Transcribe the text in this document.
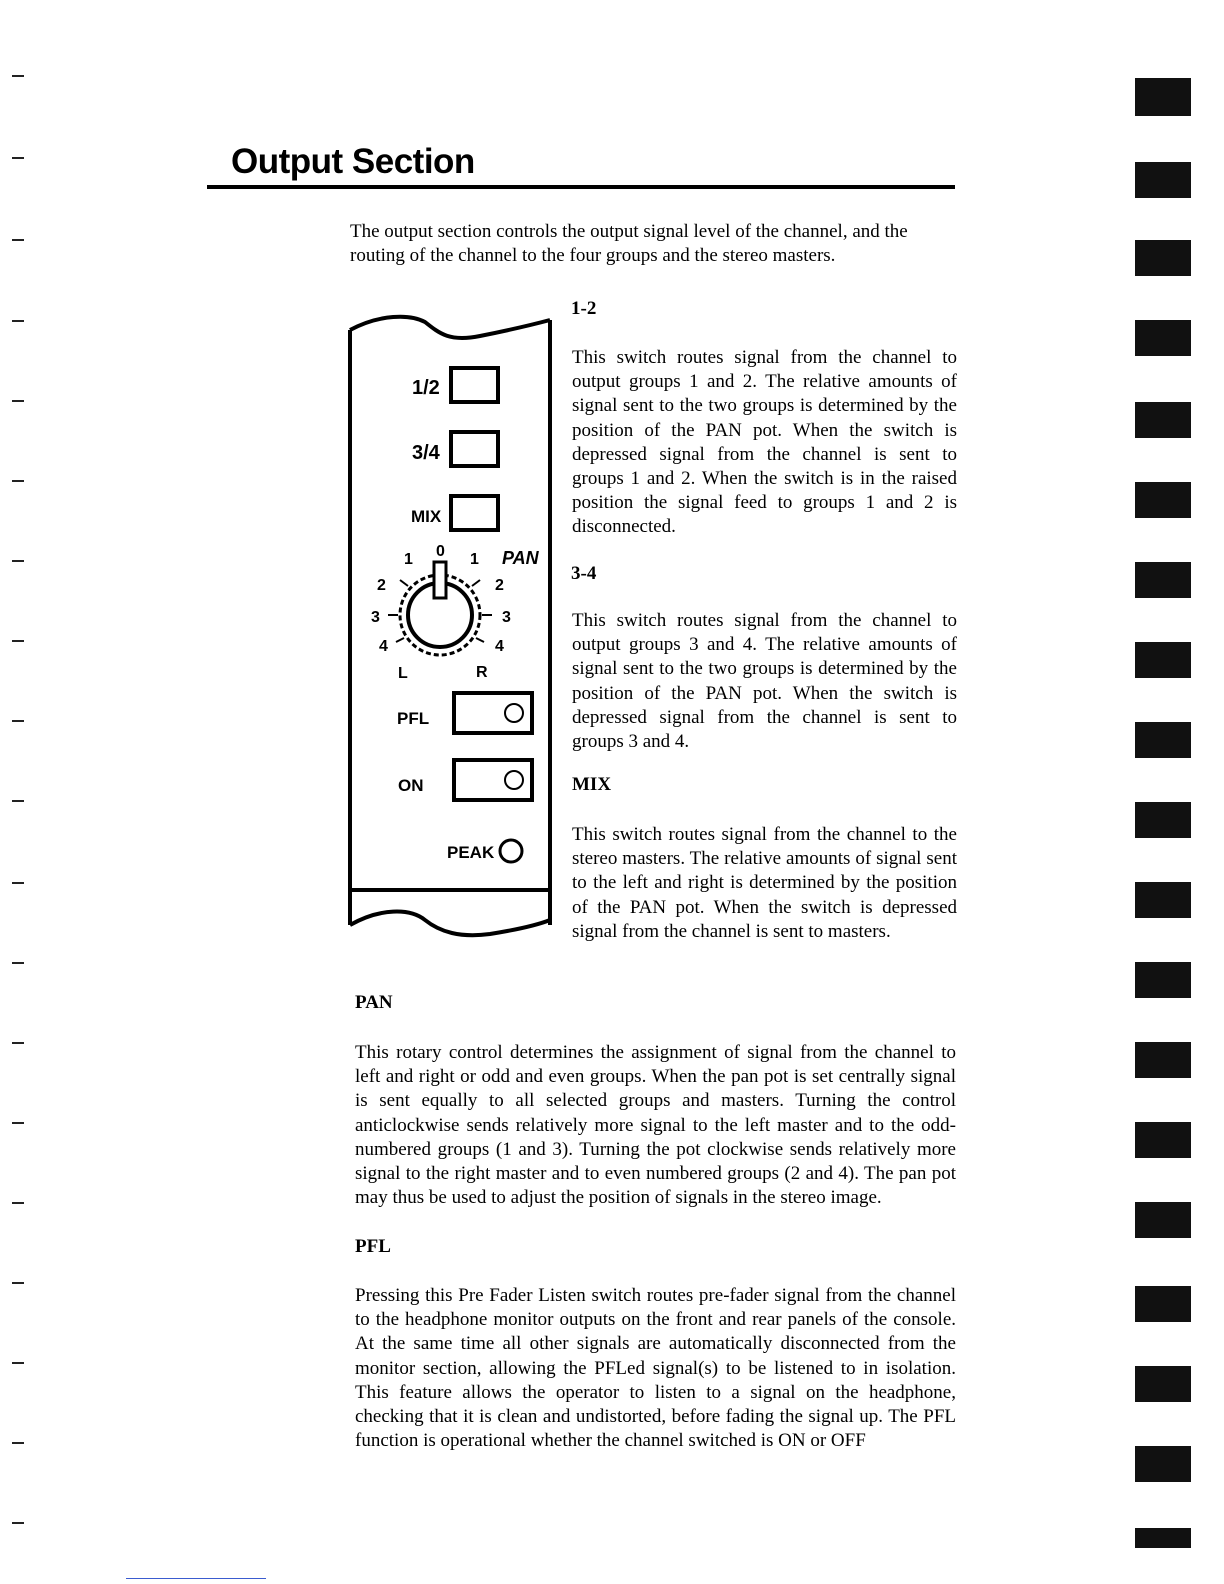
Output Section

The output section controls the output signal level of the channel, and the routing of the channel to the four groups and the stereo masters.

1/2
3/4
MIX
PAN
0
1	1
2	2
3	3
4	4
L	R
PFL
ON
PEAK
1-2

This switch routes signal from the channel to output groups 1 and 2. The relative amounts of signal sent to the two groups is determined by the position of the PAN pot. When the switch is depressed signal from the channel is sent to groups 1 and 2. When the switch is in the raised position the signal feed to groups 1 and 2 is disconnected.

3-4

This switch routes signal from the channel to output groups 3 and 4. The relative amounts of signal sent to the two groups is determined by the position of the PAN pot. When the switch is depressed signal from the channel is sent to groups 3 and 4.

MIX

This switch routes signal from the channel to the stereo masters. The relative amounts of signal sent to the left and right is determined by the position of the PAN pot. When the switch is depressed signal from the channel is sent to masters.

PAN

This rotary control determines the assignment of signal from the channel to left and right or odd and even groups. When the pan pot is set centrally signal is sent equally to all selected groups and masters. Turning the control anticlockwise sends relatively more signal to the left master and to the odd-numbered groups (1 and 3). Turning the pot clockwise sends relatively more signal to the right master and to even numbered groups (2 and 4). The pan pot may thus be used to adjust the position of signals in the stereo image.

PFL

Pressing this Pre Fader Listen switch routes pre-fader signal from the channel to the headphone monitor outputs on the front and rear panels of the console. At the same time all other signals are automatically disconnected from the monitor section, allowing the PFLed signal(s) to be listened to in isolation. This feature allows the operator to listen to a signal on the headphone, checking that it is clean and undistorted, before fading the signal up. The PFL function is operational whether the channel switched is ON or OFF
